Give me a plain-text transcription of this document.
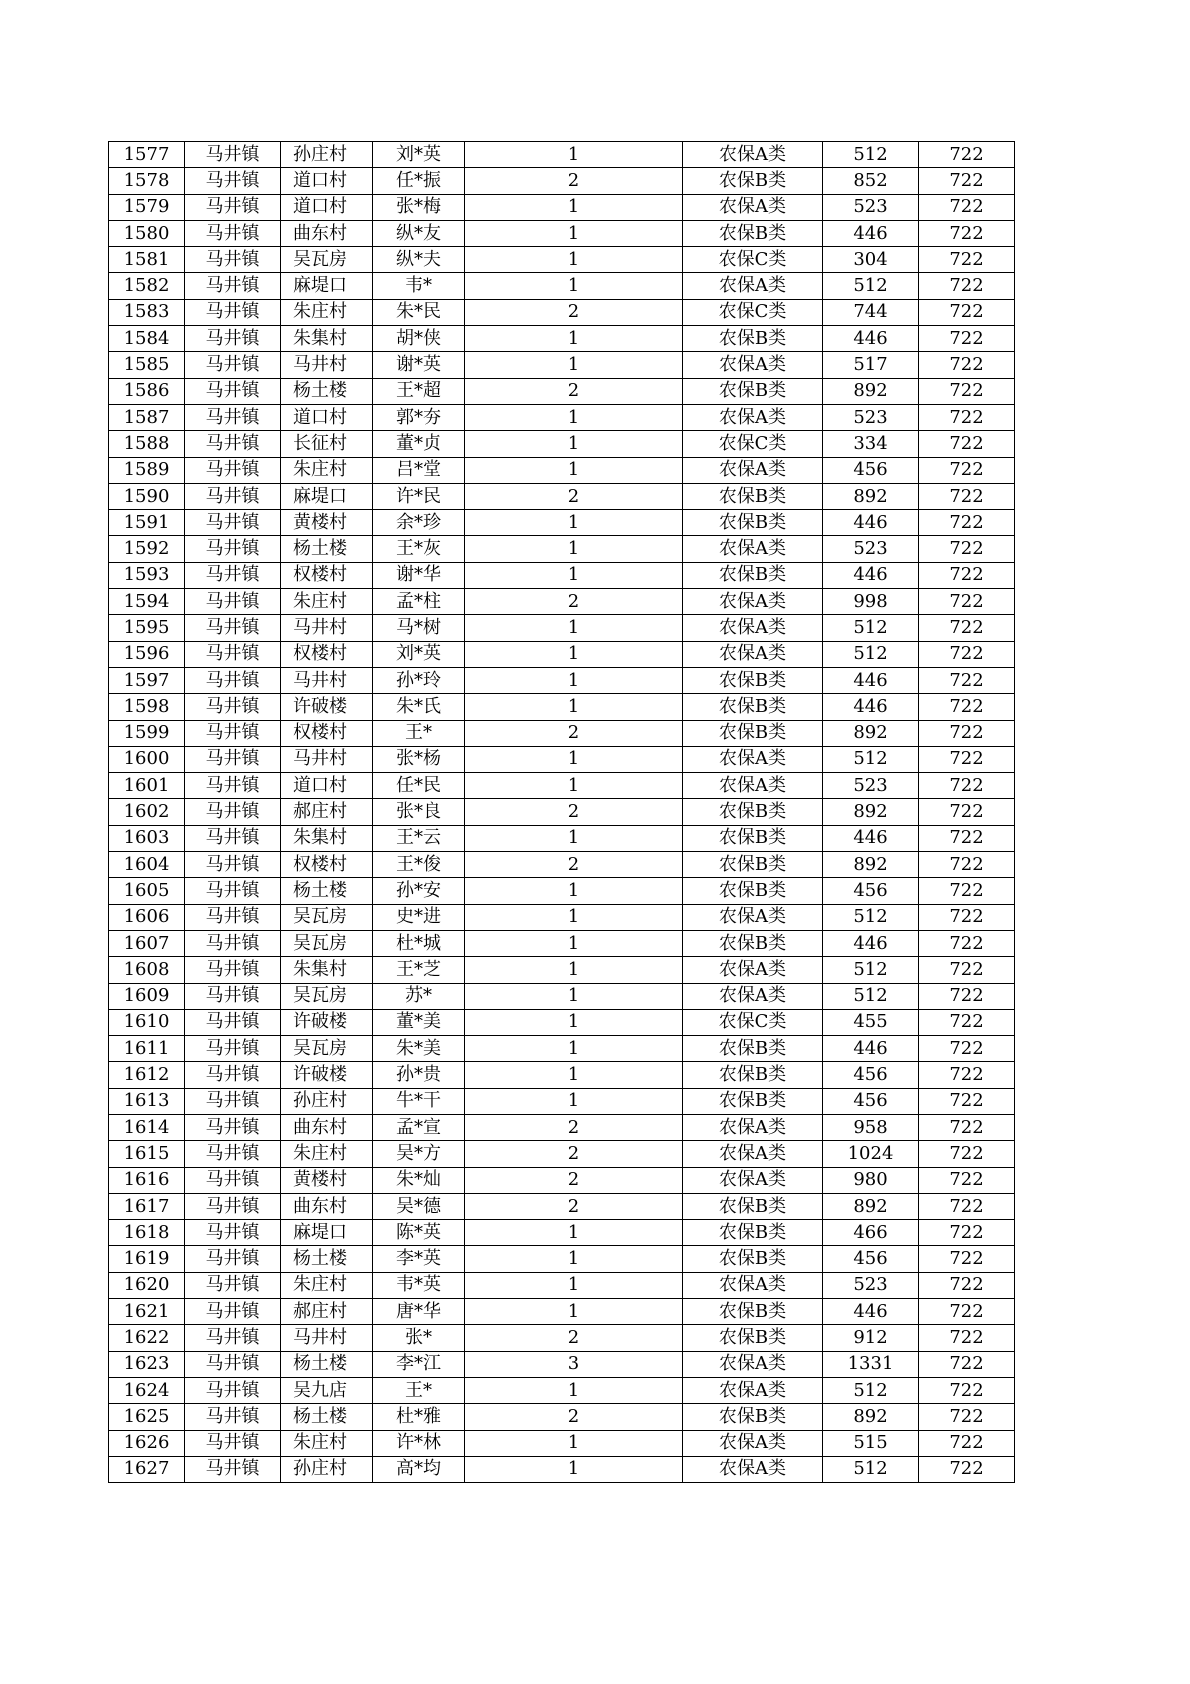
1577	马井镇	孙庄村	刘*英	1	农保A类	512	722
1578	马井镇	道口村	任*振	2	农保B类	852	722
1579	马井镇	道口村	张*梅	1	农保A类	523	722
1580	马井镇	曲东村	纵*友	1	农保B类	446	722
1581	马井镇	吴瓦房	纵*夫	1	农保C类	304	722
1582	马井镇	麻堤口	韦*	1	农保A类	512	722
1583	马井镇	朱庄村	朱*民	2	农保C类	744	722
1584	马井镇	朱集村	胡*侠	1	农保B类	446	722
1585	马井镇	马井村	谢*英	1	农保A类	517	722
1586	马井镇	杨土楼	王*超	2	农保B类	892	722
1587	马井镇	道口村	郭*夯	1	农保A类	523	722
1588	马井镇	长征村	董*贞	1	农保C类	334	722
1589	马井镇	朱庄村	吕*堂	1	农保A类	456	722
1590	马井镇	麻堤口	许*民	2	农保B类	892	722
1591	马井镇	黄楼村	余*珍	1	农保B类	446	722
1592	马井镇	杨土楼	王*灰	1	农保A类	523	722
1593	马井镇	权楼村	谢*华	1	农保B类	446	722
1594	马井镇	朱庄村	孟*柱	2	农保A类	998	722
1595	马井镇	马井村	马*树	1	农保A类	512	722
1596	马井镇	权楼村	刘*英	1	农保A类	512	722
1597	马井镇	马井村	孙*玲	1	农保B类	446	722
1598	马井镇	许破楼	朱*氏	1	农保B类	446	722
1599	马井镇	权楼村	王*	2	农保B类	892	722
1600	马井镇	马井村	张*杨	1	农保A类	512	722
1601	马井镇	道口村	任*民	1	农保A类	523	722
1602	马井镇	郝庄村	张*良	2	农保B类	892	722
1603	马井镇	朱集村	王*云	1	农保B类	446	722
1604	马井镇	权楼村	王*俊	2	农保B类	892	722
1605	马井镇	杨土楼	孙*安	1	农保B类	456	722
1606	马井镇	吴瓦房	史*进	1	农保A类	512	722
1607	马井镇	吴瓦房	杜*城	1	农保B类	446	722
1608	马井镇	朱集村	王*芝	1	农保A类	512	722
1609	马井镇	吴瓦房	苏*	1	农保A类	512	722
1610	马井镇	许破楼	董*美	1	农保C类	455	722
1611	马井镇	吴瓦房	朱*美	1	农保B类	446	722
1612	马井镇	许破楼	孙*贵	1	农保B类	456	722
1613	马井镇	孙庄村	牛*干	1	农保B类	456	722
1614	马井镇	曲东村	孟*宣	2	农保A类	958	722
1615	马井镇	朱庄村	吴*方	2	农保A类	1024	722
1616	马井镇	黄楼村	朱*灿	2	农保A类	980	722
1617	马井镇	曲东村	吴*德	2	农保B类	892	722
1618	马井镇	麻堤口	陈*英	1	农保B类	466	722
1619	马井镇	杨土楼	李*英	1	农保B类	456	722
1620	马井镇	朱庄村	韦*英	1	农保A类	523	722
1621	马井镇	郝庄村	唐*华	1	农保B类	446	722
1622	马井镇	马井村	张*	2	农保B类	912	722
1623	马井镇	杨土楼	李*江	3	农保A类	1331	722
1624	马井镇	吴九店	王*	1	农保A类	512	722
1625	马井镇	杨土楼	杜*雅	2	农保B类	892	722
1626	马井镇	朱庄村	许*林	1	农保A类	515	722
1627	马井镇	孙庄村	高*均	1	农保A类	512	722
